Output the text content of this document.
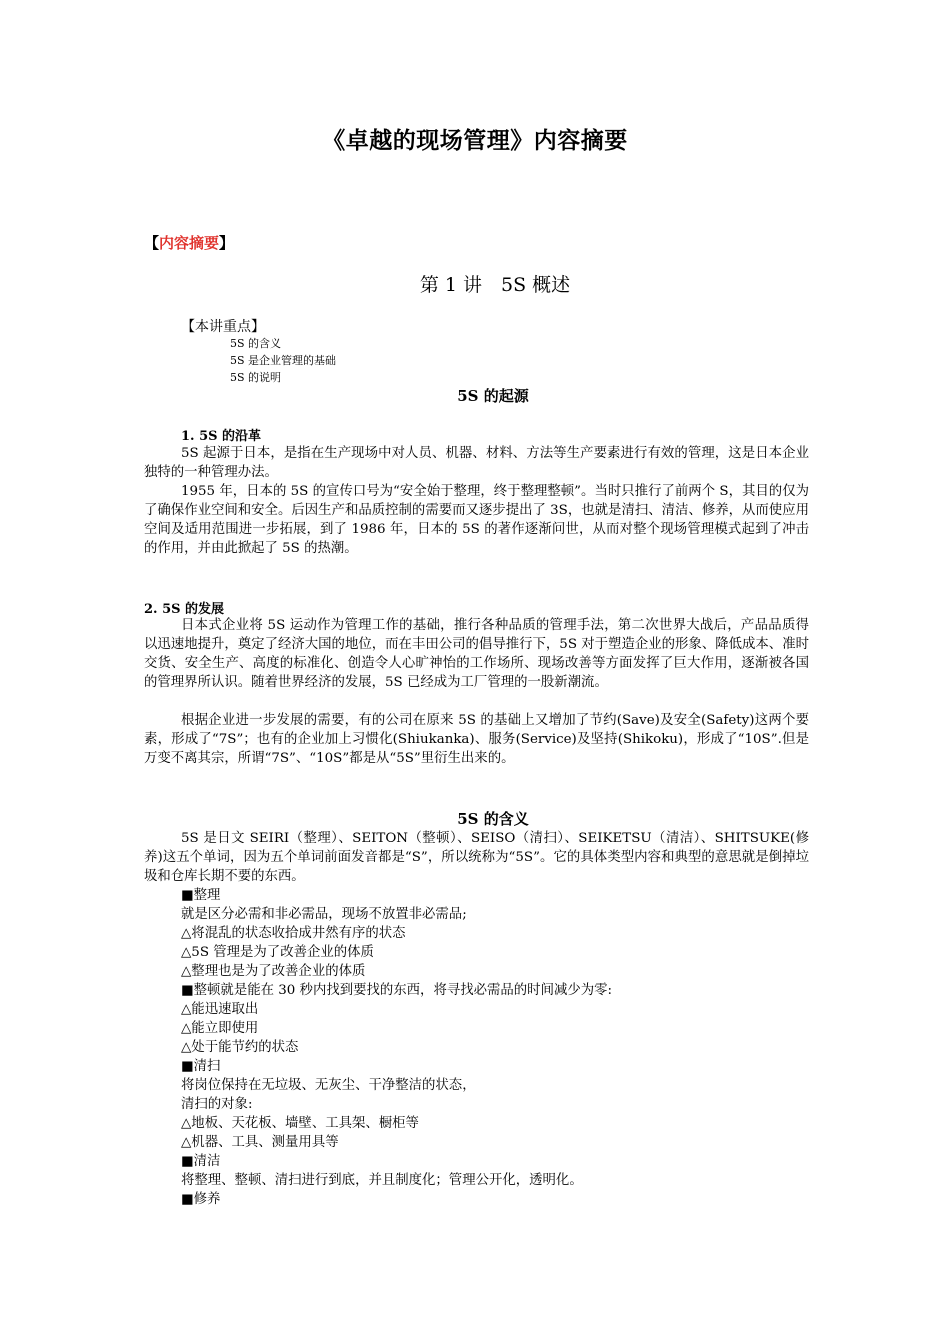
《卓越的现场管理》内容摘要
【内容摘要】
第 1 讲　5S 概述
【本讲重点】
5S 的含义
5S 是企业管理的基础
5S 的说明
5S 的起源
1. 5S 的沿革

5S 起源于日本，是指在生产现场中对人员、机器、材料、方法等生产要素进行有效的管理，这是日本企业独特的一种管理办法。

1955 年，日本的 5S 的宣传口号为“安全始于整理，终于整理整顿”。当时只推行了前两个 S，其目的仅为了确保作业空间和安全。后因生产和品质控制的需要而又逐步提出了 3S，也就是清扫、清洁、修养，从而使应用空间及适用范围进一步拓展，到了 1986 年，日本的 5S 的著作逐渐问世，从而对整个现场管理模式起到了冲击的作用，并由此掀起了 5S 的热潮。

2. 5S 的发展

日本式企业将 5S 运动作为管理工作的基础，推行各种品质的管理手法，第二次世界大战后，产品品质得以迅速地提升，奠定了经济大国的地位，而在丰田公司的倡导推行下，5S 对于塑造企业的形象、降低成本、准时交货、安全生产、高度的标准化、创造令人心旷神怡的工作场所、现场改善等方面发挥了巨大作用，逐渐被各国的管理界所认识。随着世界经济的发展，5S 已经成为工厂管理的一股新潮流。

根据企业进一步发展的需要，有的公司在原来 5S 的基础上又增加了节约(Save)及安全(Safety)这两个要素，形成了“7S”；也有的企业加上习惯化(Shiukanka)、服务(Service)及坚持(Shikoku)，形成了“10S”.但是万变不离其宗，所谓“7S”、“10S”都是从“5S”里衍生出来的。

5S 的含义

5S 是日文 SEIRI（整理）、SEITON（整顿）、SEISO（清扫）、SEIKETSU（清洁）、SHITSUKE(修养)这五个单词，因为五个单词前面发音都是“S”，所以统称为“5S”。它的具体类型内容和典型的意思就是倒掉垃圾和仓库长期不要的东西。

■整理
就是区分必需和非必需品，现场不放置非必需品;
△将混乱的状态收拾成井然有序的状态
△5S 管理是为了改善企业的体质
△整理也是为了改善企业的体质
■整顿就是能在 30 秒内找到要找的东西，将寻找必需品的时间减少为零:
△能迅速取出
△能立即使用
△处于能节约的状态
■清扫
将岗位保持在无垃圾、无灰尘、干净整洁的状态，
清扫的对象:
△地板、天花板、墙壁、工具架、橱柜等
△机器、工具、测量用具等
■清洁
将整理、整顿、清扫进行到底，并且制度化；管理公开化，透明化。
■修养
